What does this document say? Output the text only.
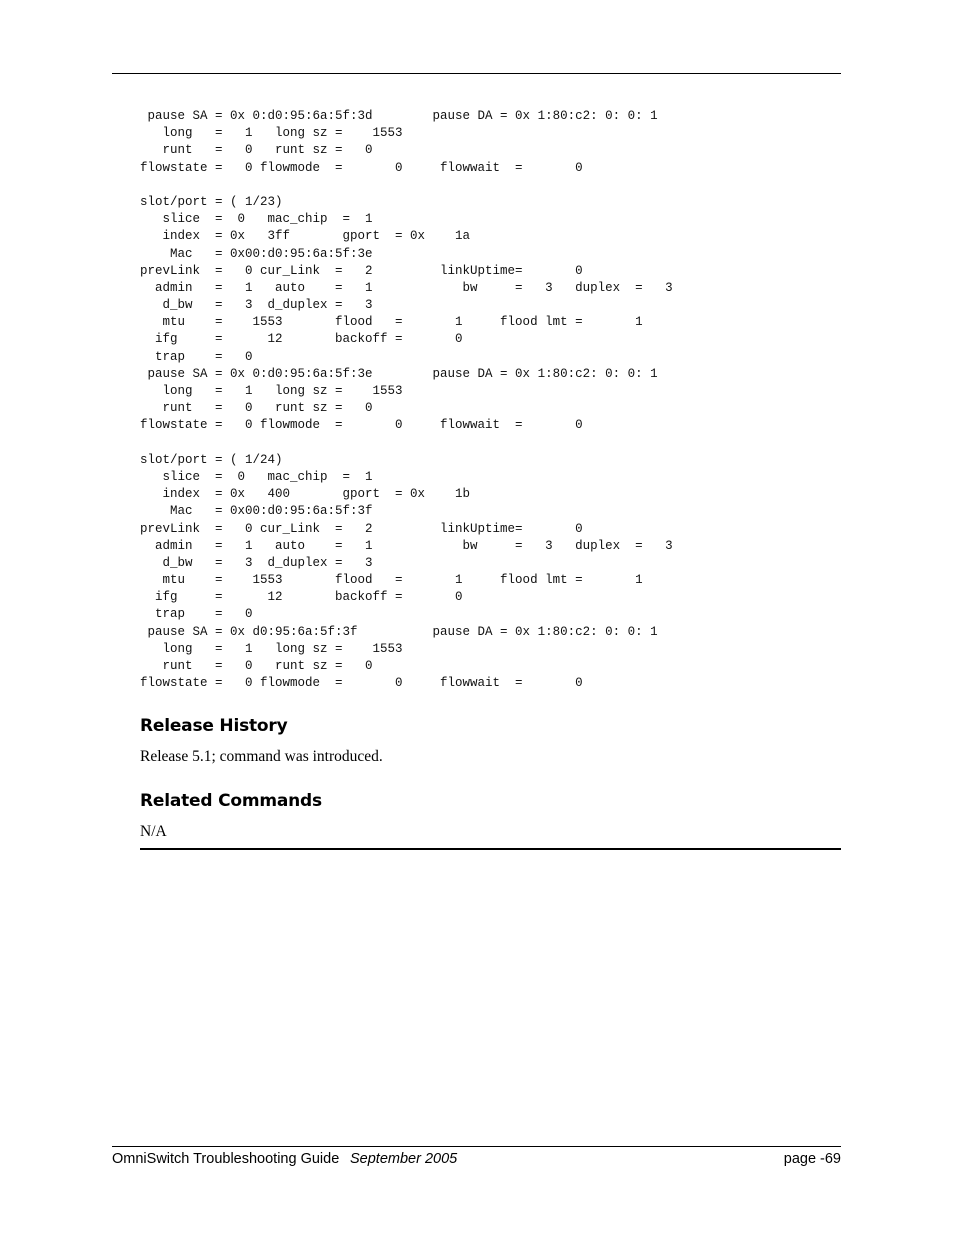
pause SA = 0x 0:d0:95:6a:5f:3d        pause DA = 0x 1:80:c2: 0: 0: 1
long   =   1   long sz =    1553
runt   =   0   runt sz =   0
flowstate =   0 flowmode  =       0     flowwait  =       0

slot/port = ( 1/23)
slice  =  0   mac_chip  =  1
index  = 0x   3ff       gport  = 0x    1a
Mac   = 0x00:d0:95:6a:5f:3e
prevLink  =   0 cur_Link  =   2         linkUptime=       0
admin   =   1   auto    =   1            bw     =   3   duplex  =   3
d_bw   =   3  d_duplex =   3
mtu    =    1553       flood   =       1     flood lmt =       1
ifg     =      12       backoff =       0
trap    =   0
pause SA = 0x 0:d0:95:6a:5f:3e        pause DA = 0x 1:80:c2: 0: 0: 1
long   =   1   long sz =    1553
runt   =   0   runt sz =   0
flowstate =   0 flowmode  =       0     flowwait  =       0

slot/port = ( 1/24)
slice  =  0   mac_chip  =  1
index  = 0x   400       gport  = 0x    1b
Mac   = 0x00:d0:95:6a:5f:3f
prevLink  =   0 cur_Link  =   2         linkUptime=       0
admin   =   1   auto    =   1            bw     =   3   duplex  =   3
d_bw   =   3  d_duplex =   3
mtu    =    1553       flood   =       1     flood lmt =       1
ifg     =      12       backoff =       0
trap    =   0
pause SA = 0x d0:95:6a:5f:3f          pause DA = 0x 1:80:c2: 0: 0: 1
long   =   1   long sz =    1553
runt   =   0   runt sz =   0
flowstate =   0 flowmode  =       0     flowwait  =       0
Release History

Release 5.1; command was introduced.

Related Commands

N/A

OmniSwitch Troubleshooting Guide September 2005	page -69
